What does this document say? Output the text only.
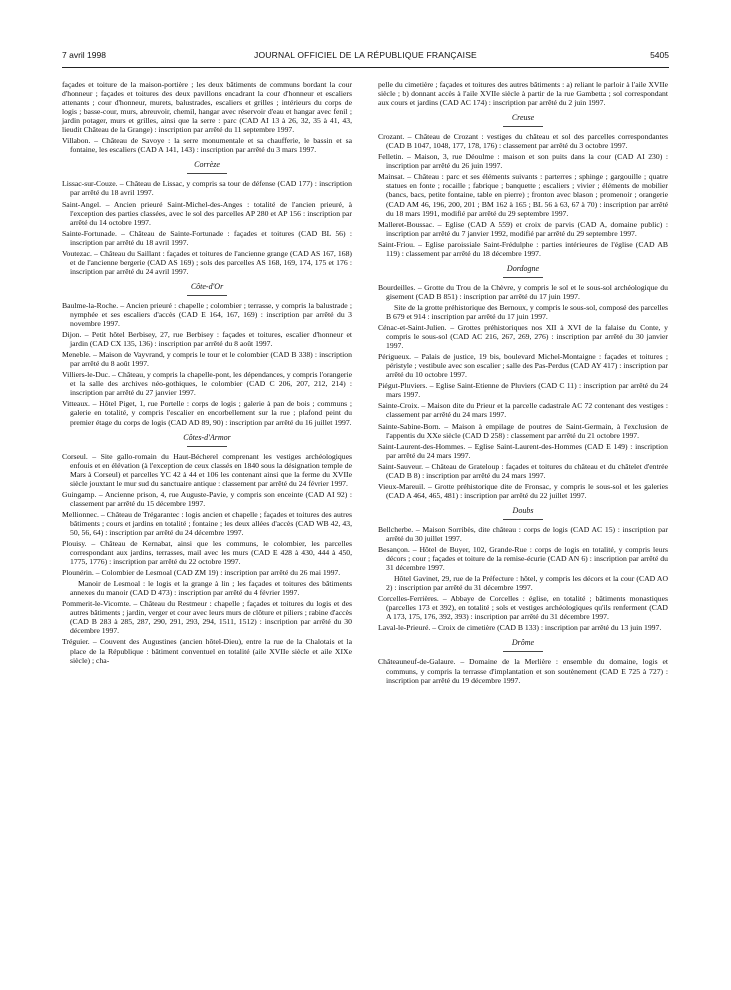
7 avril 1998	JOURNAL OFFICIEL DE LA RÉPUBLIQUE FRANÇAISE	5405

façades et toiture de la maison-portière ; les deux bâtiments de communs bordant la cour d'honneur ; façades et toitures des deux pavillons encadrant la cour d'honneur et escaliers attenants ; cour d'honneur, murets, balustrades, escaliers et grilles ; intérieurs du corps de logis ; basse-cour, murs, abreuvoir, chemil, hangar avec réservoir d'eau et hangar avec fenil ; jardin potager, murs et grilles, ainsi que la serre : parc (CAD AI 13 à 26, 32, 35 à 41, 43, lieudit Château de la Grange) : inscription par arrêté du 11 septembre 1997.

Villabon. – Château de Savoye : la serre monumentale et sa chaufferie, le bassin et sa fontaine, les escaliers (CAD A 141, 143) : inscription par arrêté du 3 mars 1997.

Corrèze

Lissac-sur-Couze. – Château de Lissac, y compris sa tour de défense (CAD 177) : inscription par arrêté du 18 avril 1997.

Saint-Angel. – Ancien prieuré Saint-Michel-des-Anges : totalité de l'ancien prieuré, à l'exception des parties classées, avec le sol des parcelles AP 280 et AP 156 : inscription par arrêté du 14 octobre 1997.

Sainte-Fortunade. – Château de Sainte-Fortunade : façades et toitures (CAD BL 56) : inscription par arrêté du 18 avril 1997.

Voutezac. – Château du Saillant : façades et toitures de l'ancienne grange (CAD AS 167, 168) et de l'ancienne bergerie (CAD AS 169) ; sols des parcelles AS 168, 169, 174, 175 et 176 : inscription par arrêté du 24 avril 1997.

Côte-d'Or

Baulme-la-Roche. – Ancien prieuré : chapelle ; colombier ; terrasse, y compris la balustrade ; nymphée et ses escaliers d'accès (CAD E 164, 167, 169) : inscription par arrêté du 3 novembre 1997.

Dijon. – Petit hôtel Berbisey, 27, rue Berbisey : façades et toitures, escalier d'honneur et jardin (CAD CX 135, 136) : inscription par arrêté du 8 août 1997.

Meneble. – Maison de Vayvrand, y compris le tour et le colombier (CAD B 338) : inscription par arrêté du 8 août 1997.

Villiers-le-Duc. – Château, y compris la chapelle-pont, les dépendances, y compris l'orangerie et la salle des archives néo-gothiques, le colombier (CAD C 206, 207, 212, 214) : inscription par arrêté du 27 janvier 1997.

Vitteaux. – Hôtel Piget, 1, rue Portelle : corps de logis ; galerie à pan de bois ; communs ; galerie en totalité, y compris l'escalier en encorbellement sur la rue ; plafond peint du premier étage du corps de logis (CAD AD 89, 90) : inscription par arrêté du 16 juillet 1997.

Côtes-d'Armor

Corseul. – Site gallo-romain du Haut-Bécherel comprenant les vestiges archéologiques enfouis et en élévation (à l'exception de ceux classés en 1840 sous la désignation temple de Mars à Corseul) et parcelles YC 42 à 44 et 106 les contenant ainsi que la ferme du XVIIe siècle jouxtant le mur sud du sanctuaire antique : classement par arrêté du 24 février 1997.

Guingamp. – Ancienne prison, 4, rue Auguste-Pavie, y compris son enceinte (CAD AI 92) : classement par arrêté du 15 décembre 1997.

Mellionnec. – Château de Trégarantec : logis ancien et chapelle ; façades et toitures des autres bâtiments ; cours et jardins en totalité ; fontaine ; les deux allées d'accès (CAD WB 42, 43, 50, 56, 64) : inscription par arrêté du 24 décembre 1997.

Plouisy. – Château de Kernabat, ainsi que les communs, le colombier, les parcelles correspondant aux jardins, terrasses, mail avec les murs (CAD E 428 à 430, 444 à 450, 1775, 1776) : inscription par arrêté du 22 octobre 1997.

Plounérin. – Colombier de Lesmoal (CAD ZM 19) : inscription par arrêté du 26 mai 1997.

Manoir de Lesmoal : le logis et la grange à lin ; les façades et toitures des bâtiments annexes du manoir (CAD D 473) : inscription par arrêté du 4 février 1997.

Pommerit-le-Vicomte. – Château du Restmeur : chapelle ; façades et toitures du logis et des autres bâtiments ; jardin, verger et cour avec leurs murs de clôture et piliers ; rabine d'accès (CAD B 283 à 285, 287, 290, 291, 293, 294, 1511, 1512) : inscription par arrêté du 30 décembre 1997.

Tréguier. – Couvent des Augustines (ancien hôtel-Dieu), entre la rue de la Chalotais et la place de la République : bâtiment conventuel en totalité (aile XVIIe siècle et aile XIXe siècle) ; cha-

pelle du cimetière ; façades et toitures des autres bâtiments : a) reliant le parloir à l'aile XVIIe siècle ; b) donnant accès à l'aile XVIIe siècle à partir de la rue Gambetta ; sol correspondant aux cours et jardins (CAD AC 174) : inscription par arrêté du 2 juin 1997.

Creuse

Crozant. – Château de Crozant : vestiges du château et sol des parcelles correspondantes (CAD B 1047, 1048, 177, 178, 176) : classement par arrêté du 3 octobre 1997.

Felletin. – Maison, 3, rue Déoulme : maison et son puits dans la cour (CAD AI 230) : inscription par arrêté du 26 juin 1997.

Mainsat. – Château : parc et ses éléments suivants : parterres ; sphinge ; gargouille ; quatre statues en fonte ; rocaille ; fabrique ; banquette ; escaliers ; vivier ; éléments de mobilier (bancs, bacs, petite fontaine, table en pierre) ; fronton avec blason ; promenoir ; orangerie (CAD AM 46, 196, 200, 201 ; BM 162 à 165 ; BL 56 à 63, 67 à 70) : inscription par arrêté du 18 mars 1991, modifié par arrêté du 29 septembre 1997.

Malleret-Boussac. – Eglise (CAD A 559) et croix de parvis (CAD A, domaine public) : inscription par arrêté du 7 janvier 1992, modifié par arrêté du 29 septembre 1997.

Saint-Friou. – Eglise paroissiale Saint-Frédulphe : parties intérieures de l'église (CAD AB 119) : classement par arrêté du 18 décembre 1997.

Dordogne

Bourdeilles. – Grotte du Trou de la Chèvre, y compris le sol et le sous-sol archéologique du gisement (CAD B 851) : inscription par arrêté du 17 juin 1997.

Site de la grotte préhistorique des Bernoux, y compris le sous-sol, composé des parcelles B 679 et 914 : inscription par arrêté du 17 juin 1997.

Cénac-et-Saint-Julien. – Grottes préhistoriques nos XII à XVI de la falaise du Conte, y compris le sous-sol (CAD AC 216, 267, 269, 276) : inscription par arrêté du 30 janvier 1997.

Périgueux. – Palais de justice, 19 bis, boulevard Michel-Montaigne : façades et toitures ; péristyle ; vestibule avec son escalier ; salle des Pas-Perdus (CAD AY 417) : inscription par arrêté du 10 octobre 1997.

Piégut-Pluviers. – Eglise Saint-Etienne de Pluviers (CAD C 11) : inscription par arrêté du 24 mars 1997.

Sainte-Croix. – Maison dite du Prieur et la parcelle cadastrale AC 72 contenant des vestiges : classement par arrêté du 24 mars 1997.

Sainte-Sabine-Born. – Maison à empilage de poutres de Saint-Germain, à l'exclusion de l'appentis du XXe siècle (CAD D 258) : classement par arrêté du 21 octobre 1997.

Saint-Laurent-des-Hommes. – Eglise Saint-Laurent-des-Hommes (CAD E 149) : inscription par arrêté du 24 mars 1997.

Saint-Sauveur. – Château de Grateloup : façades et toitures du château et du châtelet d'entrée (CAD B 8) : inscription par arrêté du 24 mars 1997.

Vieux-Mareuil. – Grotte préhistorique dite de Fronsac, y compris le sous-sol et les galeries (CAD A 464, 465, 481) : inscription par arrêté du 22 juillet 1997.

Doubs

Bellcherbe. – Maison Sorribès, dite château : corps de logis (CAD AC 15) : inscription par arrêté du 30 juillet 1997.

Besançon. – Hôtel de Buyer, 102, Grande-Rue : corps de logis en totalité, y compris leurs décors ; cour ; façades et toiture de la remise-écurie (CAD AN 6) : inscription par arrêté du 31 décembre 1997.

Hôtel Gavinet, 29, rue de la Préfecture : hôtel, y compris les décors et la cour (CAD AO 2) : inscription par arrêté du 31 décembre 1997.

Corcelles-Ferrières. – Abbaye de Corcelles : église, en totalité ; bâtiments monastiques (parcelles 173 et 392), en totalité ; sols et vestiges archéologiques qu'ils renferment (CAD A 173, 175, 176, 392, 393) : inscription par arrêté du 31 décembre 1997.

Laval-le-Prieuré. – Croix de cimetière (CAD B 133) : inscription par arrêté du 13 juin 1997.

Drôme

Châteauneuf-de-Galaure. – Domaine de la Merlière : ensemble du domaine, logis et communs, y compris la terrasse d'implantation et son soutènement (CAD E 725 à 727) : inscription par arrêté du 19 décembre 1997.
